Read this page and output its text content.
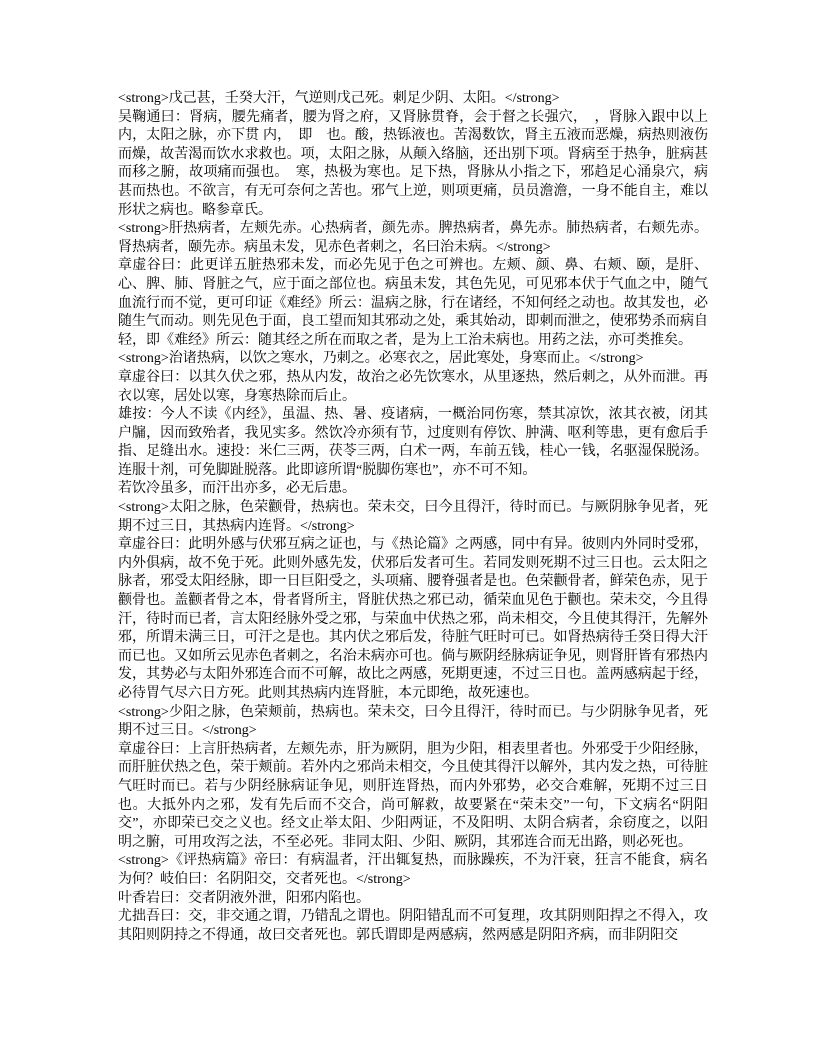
<strong>戊己甚，壬癸大汗，气逆则戊己死。刺足少阴、太阳。</strong>

吴鞠通曰：肾病，腰先痛者，腰为肾之府，又肾脉贯脊，会于督之长强穴，　，肾脉入跟中以上内，太阳之脉，亦下贯 内，　即　也。酸，热铄液也。苦渴数饮，肾主五液而恶燥，病热则液伤而燥，故苦渴而饮水求救也。项，太阳之脉，从颠入络脑，还出别下项。肾病至于热争，脏病甚而移之腑，故项痛而强也。　寒，热极为寒也。足下热，肾脉从小指之下，邪趋足心涌泉穴，病甚而热也。不欲言，有无可奈何之苦也。邪气上逆，则项更痛，员员澹澹，一身不能自主，难以形状之病也。略参章氏。

<strong>肝热病者，左颊先赤。心热病者，颜先赤。脾热病者，鼻先赤。肺热病者，右颊先赤。肾热病者，颐先赤。病虽未发，见赤色者刺之，名曰治未病。</strong>

章虚谷曰：此更详五脏热邪未发，而必先见于色之可辨也。左颊、颜、鼻、右颊、颐，是肝、心、脾、肺、肾脏之气，应于面之部位也。病虽未发，其色先见，可见邪本伏于气血之中，随气血流行而不觉，更可印证《难经》所云：温病之脉，行在诸经，不知何经之动也。故其发也，必随生气而动。则先见色于面，良工望而知其邪动之处，乘其始动，即刺而泄之，使邪势杀而病自轻，即《难经》所云：随其经之所在而取之者，是为上工治未病也。用药之法，亦可类推矣。

<strong>治诸热病，以饮之寒水，乃刺之。必寒衣之，居此寒处，身寒而止。</strong>

章虚谷曰：以其久伏之邪，热从内发，故治之必先饮寒水，从里逐热，然后刺之，从外而泄。再衣以寒，居处以寒，身寒热除而后止。

雄按：今人不读《内经》，虽温、热、暑、疫诸病，一概治同伤寒，禁其凉饮，浓其衣被，闭其户牖，因而致殆者，我见实多。然饮冷亦须有节，过度则有停饮、肿满、呕利等患，更有愈后手指、足缝出水。速投：米仁三两，茯苓三两，白术一两，车前五钱，桂心一钱，名驱湿保脱汤。连服十剂，可免脚趾脱落。此即谚所谓“脱脚伤寒也”，亦不可不知。

若饮冷虽多，而汗出亦多，必无后患。

<strong>太阳之脉，色荣颧骨，热病也。荣未交，曰今且得汗，待时而已。与厥阴脉争见者，死期不过三日，其热病内连肾。</strong>

章虚谷曰：此明外感与伏邪互病之证也，与《热论篇》之两感，同中有异。彼则内外同时受邪，内外俱病，故不免于死。此则外感先发，伏邪后发者可生。若同发则死期不过三日也。云太阳之脉者，邪受太阳经脉，即一日巨阳受之，头项痛、腰脊强者是也。色荣颧骨者，鲜荣色赤，见于颧骨也。盖颧者骨之本，骨者肾所主，肾脏伏热之邪已动，循荣血见色于颧也。荣未交，今且得汗，待时而已者，言太阳经脉外受之邪，与荣血中伏热之邪，尚未相交，今且使其得汗，先解外邪，所谓未满三日，可汗之是也。其内伏之邪后发，待脏气旺时可已。如肾热病待壬癸日得大汗而已也。又如所云见赤色者刺之，名治未病亦可也。倘与厥阴经脉病证争见，则肾肝皆有邪热内发，其势必与太阳外邪连合而不可解，故比之两感，死期更速，不过三日也。盖两感病起于经，必待胃气尽六日方死。此则其热病内连肾脏，本元即绝，故死速也。

<strong>少阳之脉，色荣颊前，热病也。荣未交，曰今且得汗，待时而已。与少阴脉争见者，死期不过三日。</strong>

章虚谷曰：上言肝热病者，左颊先赤，肝为厥阴，胆为少阳，相表里者也。外邪受于少阳经脉，而肝脏伏热之色，荣于颊前。若外内之邪尚未相交，今且使其得汗以解外，其内发之热，可待脏气旺时而已。若与少阴经脉病证争见，则肝连肾热，而内外邪势，必交合难解，死期不过三日也。大抵外内之邪，发有先后而不交合，尚可解救，故要紧在“荣未交”一句，下文病名“阴阳交”，亦即荣已交之义也。经文止举太阳、少阳两证，不及阳明、太阴合病者，余窃度之，以阳明之腑，可用攻泻之法，不至必死。非同太阳、少阳、厥阴，其邪连合而无出路，则必死也。

<strong>《评热病篇》帝曰：有病温者，汗出辄复热，而脉躁疾，不为汗衰，狂言不能食，病名为何？岐伯曰：名阴阳交，交者死也。</strong>

叶香岩曰：交者阴液外泄，阳邪内陷也。

尤拙吾曰：交，非交通之谓，乃错乱之谓也。阴阳错乱而不可复理，攻其阴则阳捍之不得入，攻其阳则阴持之不得通，故曰交者死也。郭氏谓即是两感病，然两感是阴阳齐病，而非阴阳交
